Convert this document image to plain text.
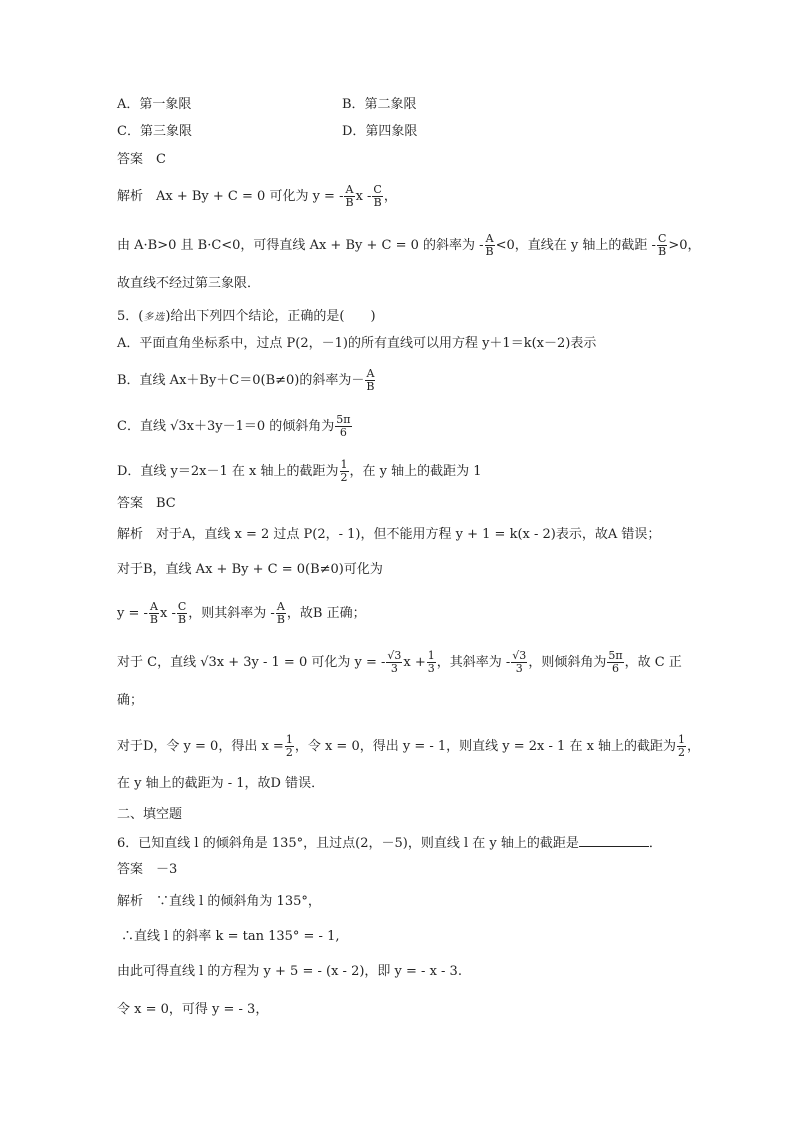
A．第一象限	B．第二象限
C．第三象限	D．第四象限
答案　C
解析　Ax + By + C = 0 可化为 y = - $\frac{A}{B}$ x - $\frac{C}{B}$ ，
由 A·B>0 且 B·C<0，可得直线 Ax + By + C = 0 的斜率为 - $\frac{A}{B} <0$，直线在 y 轴上的截距 - $\frac{C}{B} >0$，
故直线不经过第三象限．
5．(多选)给出下列四个结论，正确的是(　　)
A．平面直角坐标系中，过点 P(2，－1)的所有直线可以用方程 y＋1＝k(x－2)表示
B．直线 Ax＋By＋C＝0(B≠0)的斜率为－ $\frac{A}{B}$
C．直线 √3x＋3y－1＝0 的倾斜角为 $\frac{5\pi}{6}$
D．直线 y＝2x－1 在 x 轴上的截距为 $\frac{1}{2}$ ，在 y 轴上的截距为 1
答案　BC
解析　对于A，直线 x = 2 过点 P(2，- 1)，但不能用方程 y + 1 = k(x - 2)表示，故A 错误；
对于B，直线 Ax + By + C = 0(B≠0)可化为
y = - $\frac{A}{B}$ x - $\frac{C}{B}$ ，则其斜率为 - $\frac{A}{B}$ ，故B 正确；
对于 C，直线 √3x + 3y - 1 = 0 可化为 y = - $\frac{√3}{3}$ $x + \frac{1}{3}$ ，其斜率为 - $\frac{√3}{3}$ ，则倾斜角为 $\frac{5\pi}{6}$ ，故 C 正
确；
对于D，令 y = 0，得出 $x = \frac{1}{2}$ ，令 x = 0，得出 y = - 1，则直线 y = 2x - 1 在 x 轴上的截距为 $\frac{1}{2}$ ，
在 y 轴上的截距为 - 1，故D 错误．
二、填空题
6．已知直线 l 的倾斜角是 135°，且过点(2，－5)，则直线 l 在 y 轴上的截距是	．
答案　－3
解析　∵直线 l 的倾斜角为 135°，
∴直线 l 的斜率 k = tan 135° = - 1,
由此可得直线 l 的方程为 y + 5 = - (x - 2)，即 y = - x - 3.
令 x = 0，可得 y = - 3，
